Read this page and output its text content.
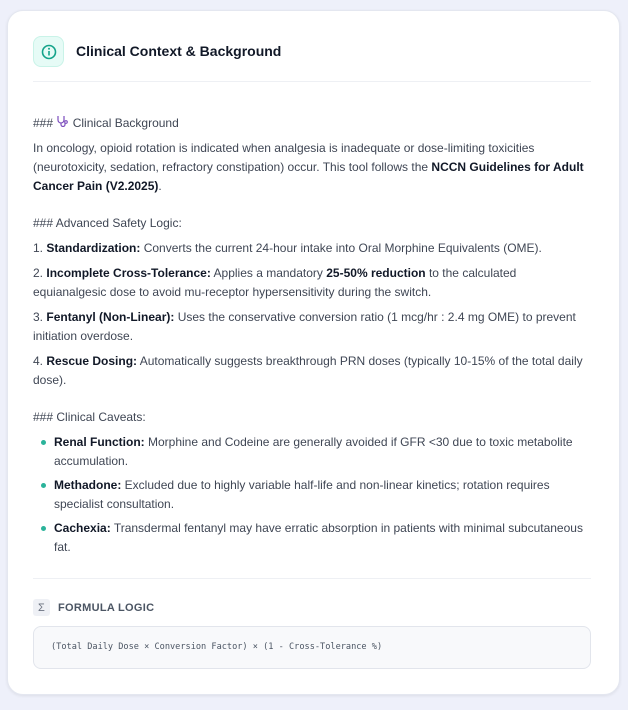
Clinical Context & Background

### Clinical Background

In oncology, opioid rotation is indicated when analgesia is inadequate or dose-limiting toxicities (neurotoxicity, sedation, refractory constipation) occur. This tool follows the NCCN Guidelines for Adult Cancer Pain (V2.2025).

### Advanced Safety Logic:

1. Standardization: Converts the current 24-hour intake into Oral Morphine Equivalents (OME).

2. Incomplete Cross-Tolerance: Applies a mandatory 25-50% reduction to the calculated equianalgesic dose to avoid mu-receptor hypersensitivity during the switch.

3. Fentanyl (Non-Linear): Uses the conservative conversion ratio (1 mcg/hr : 2.4 mg OME) to prevent initiation overdose.

4. Rescue Dosing: Automatically suggests breakthrough PRN doses (typically 10-15% of the total daily dose).

### Clinical Caveats:

Renal Function: Morphine and Codeine are generally avoided if GFR <30 due to toxic metabolite accumulation.
Methadone: Excluded due to highly variable half-life and non-linear kinetics; rotation requires specialist consultation.
Cachexia: Transdermal fentanyl may have erratic absorption in patients with minimal subcutaneous fat.
Σ	FORMULA LOGIC
(Total Daily Dose × Conversion Factor) × (1 - Cross-Tolerance %)
